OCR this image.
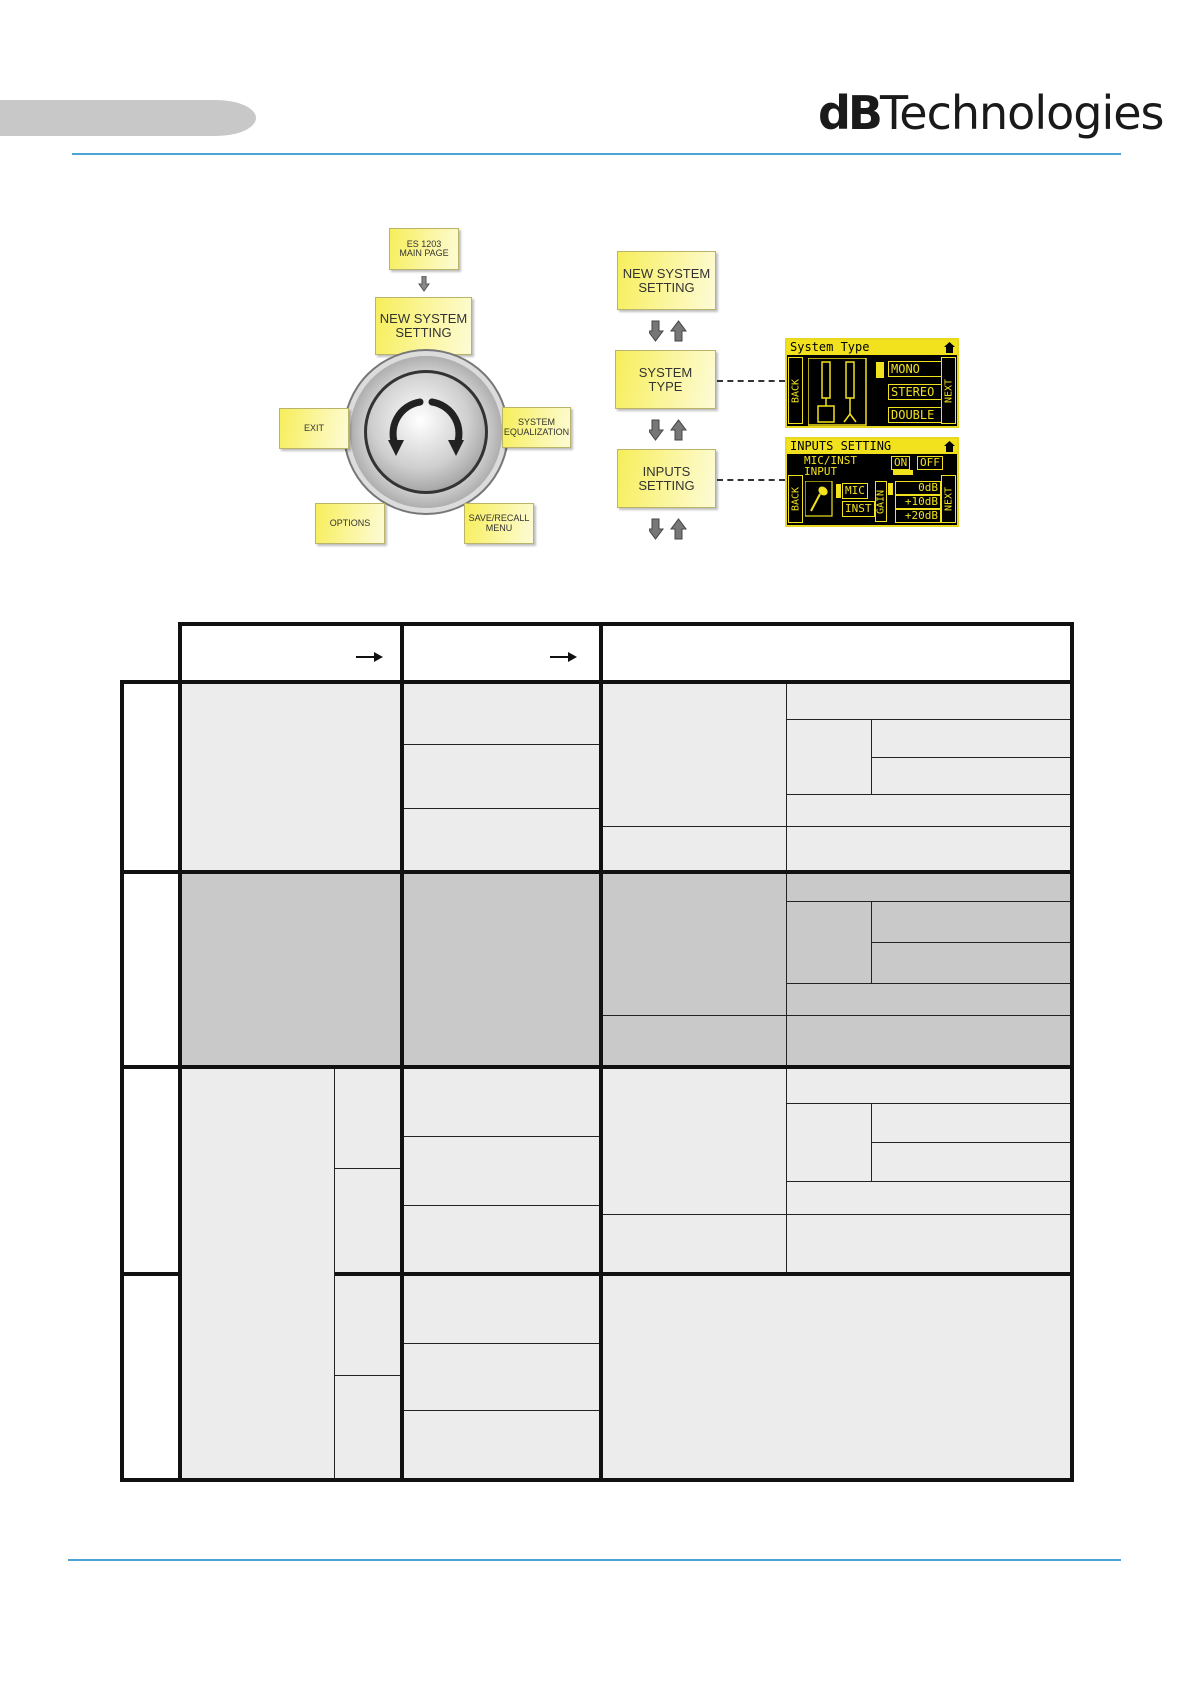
dBTechnologies
ES 1203
MAIN PAGE
NEW SYSTEM
SETTING
EXIT
SYSTEM
EQUALIZATION
OPTIONS	SAVE/RECALL
MENU
NEW SYSTEM
SETTING
SYSTEM
TYPE
INPUTS
SETTING
System Type
BACK	NEXT
MONO
STEREO
DOUBLE
INPUTS SETTING
BACK	NEXT
MIC/INST
INPUT
ON OFF
MIC
INST GAIN
0dB
+10dB
+20dB
